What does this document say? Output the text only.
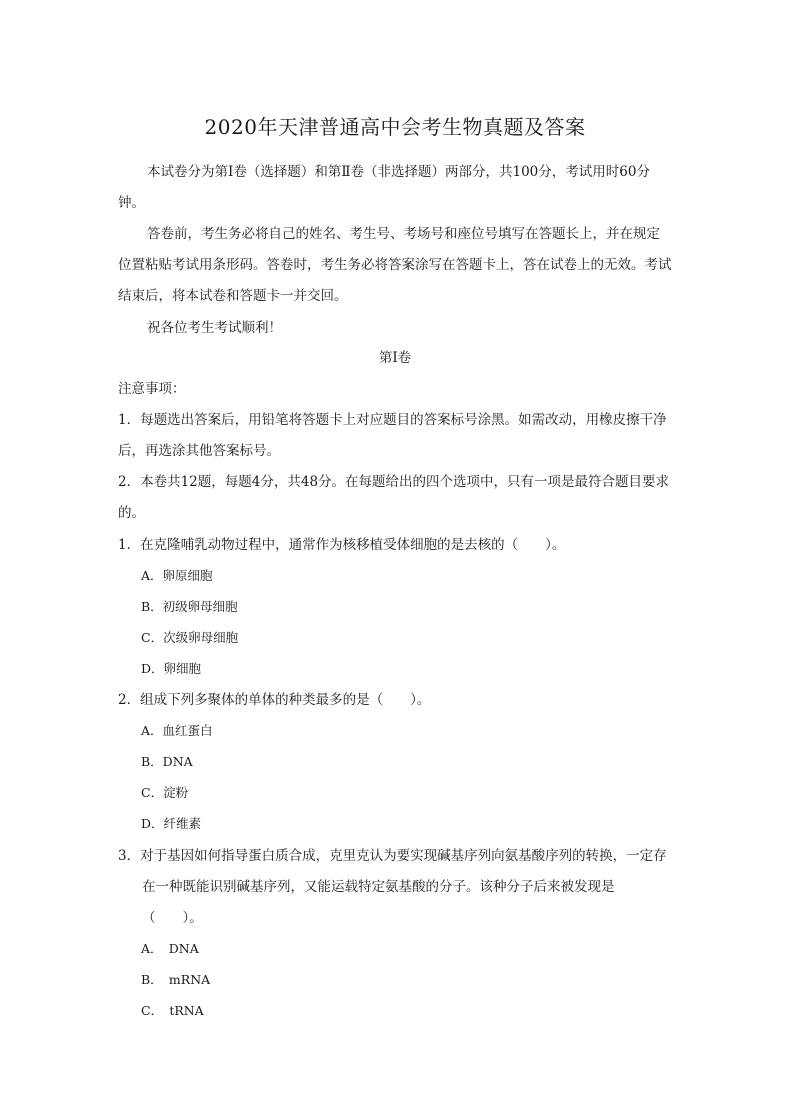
2020年天津普通高中会考生物真题及答案
本试卷分为第Ⅰ卷（选择题）和第Ⅱ卷（非选择题）两部分，共100分，考试用时60分钟。
答卷前，考生务必将自己的姓名、考生号、考场号和座位号填写在答题长上，并在规定位置粘贴考试用条形码。答卷时，考生务必将答案涂写在答题卡上，答在试卷上的无效。考试结束后，将本试卷和答题卡一并交回。
祝各位考生考试顺利！
第Ⅰ卷
注意事项：
1．每题选出答案后，用铅笔将答题卡上对应题目的答案标号涂黑。如需改动，用橡皮擦干净后，再选涂其他答案标号。
2．本卷共12题，每题4分，共48分。在每题给出的四个选项中，只有一项是最符合题目要求的。
1．在克隆哺乳动物过程中，通常作为核移植受体细胞的是去核的（　　）。
A．卵原细胞
B．初级卵母细胞
C．次级卵母细胞
D．卵细胞
2．组成下列多聚体的单体的种类最多的是（　　）。
A．血红蛋白
B．DNA
C．淀粉
D．纤维素
3．对于基因如何指导蛋白质合成，克里克认为要实现碱基序列向氨基酸序列的转换，一定存在一种既能识别碱基序列，又能运载特定氨基酸的分子。该种分子后来被发现是（　　）。
A．　DNA
B．　mRNA
C．　tRNA
